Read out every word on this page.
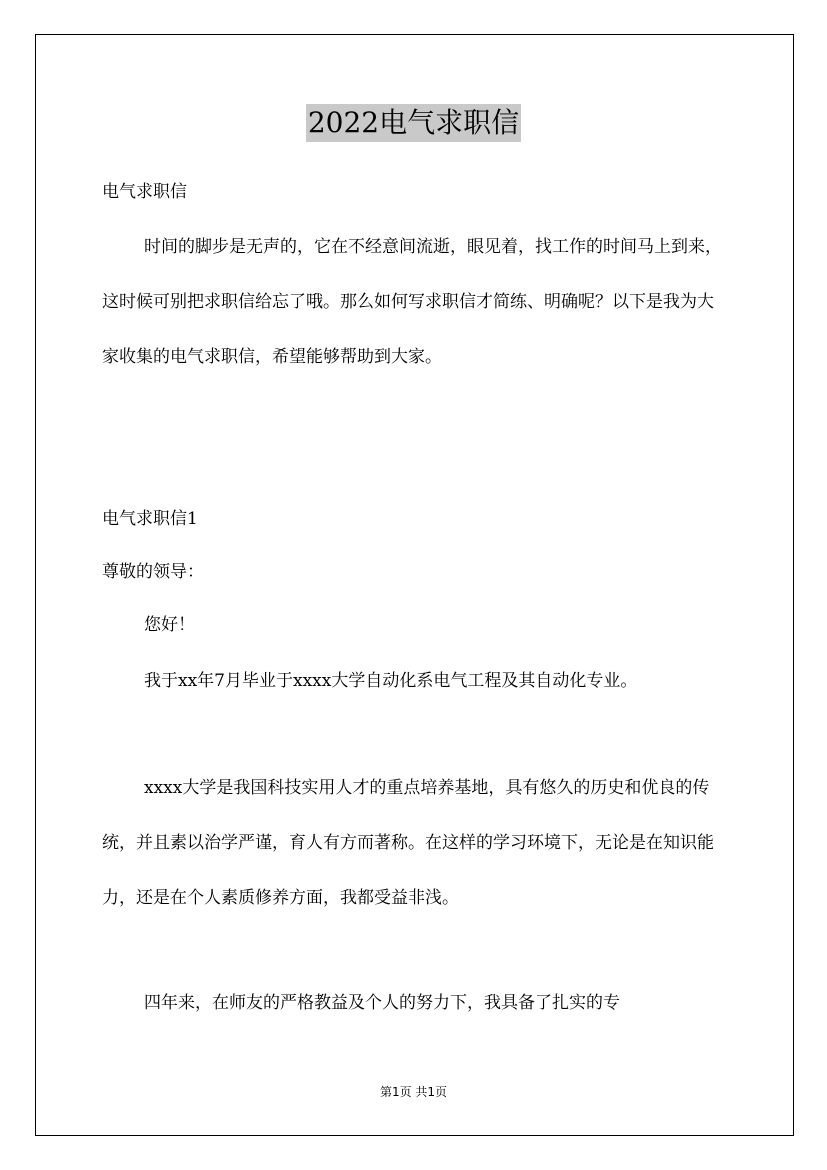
2022电气求职信

电气求职信

时间的脚步是无声的，它在不经意间流逝，眼见着，找工作的时间马上到来，这时候可别把求职信给忘了哦。那么如何写求职信才简练、明确呢？以下是我为大家收集的电气求职信，希望能够帮助到大家。

电气求职信1

尊敬的领导：

您好！

我于xx年7月毕业于xxxx大学自动化系电气工程及其自动化专业。

xxxx大学是我国科技实用人才的重点培养基地，具有悠久的历史和优良的传统，并且素以治学严谨，育人有方而著称。在这样的学习环境下，无论是在知识能力，还是在个人素质修养方面，我都受益非浅。

四年来，在师友的严格教益及个人的努力下，我具备了扎实的专

第1页 共1页
